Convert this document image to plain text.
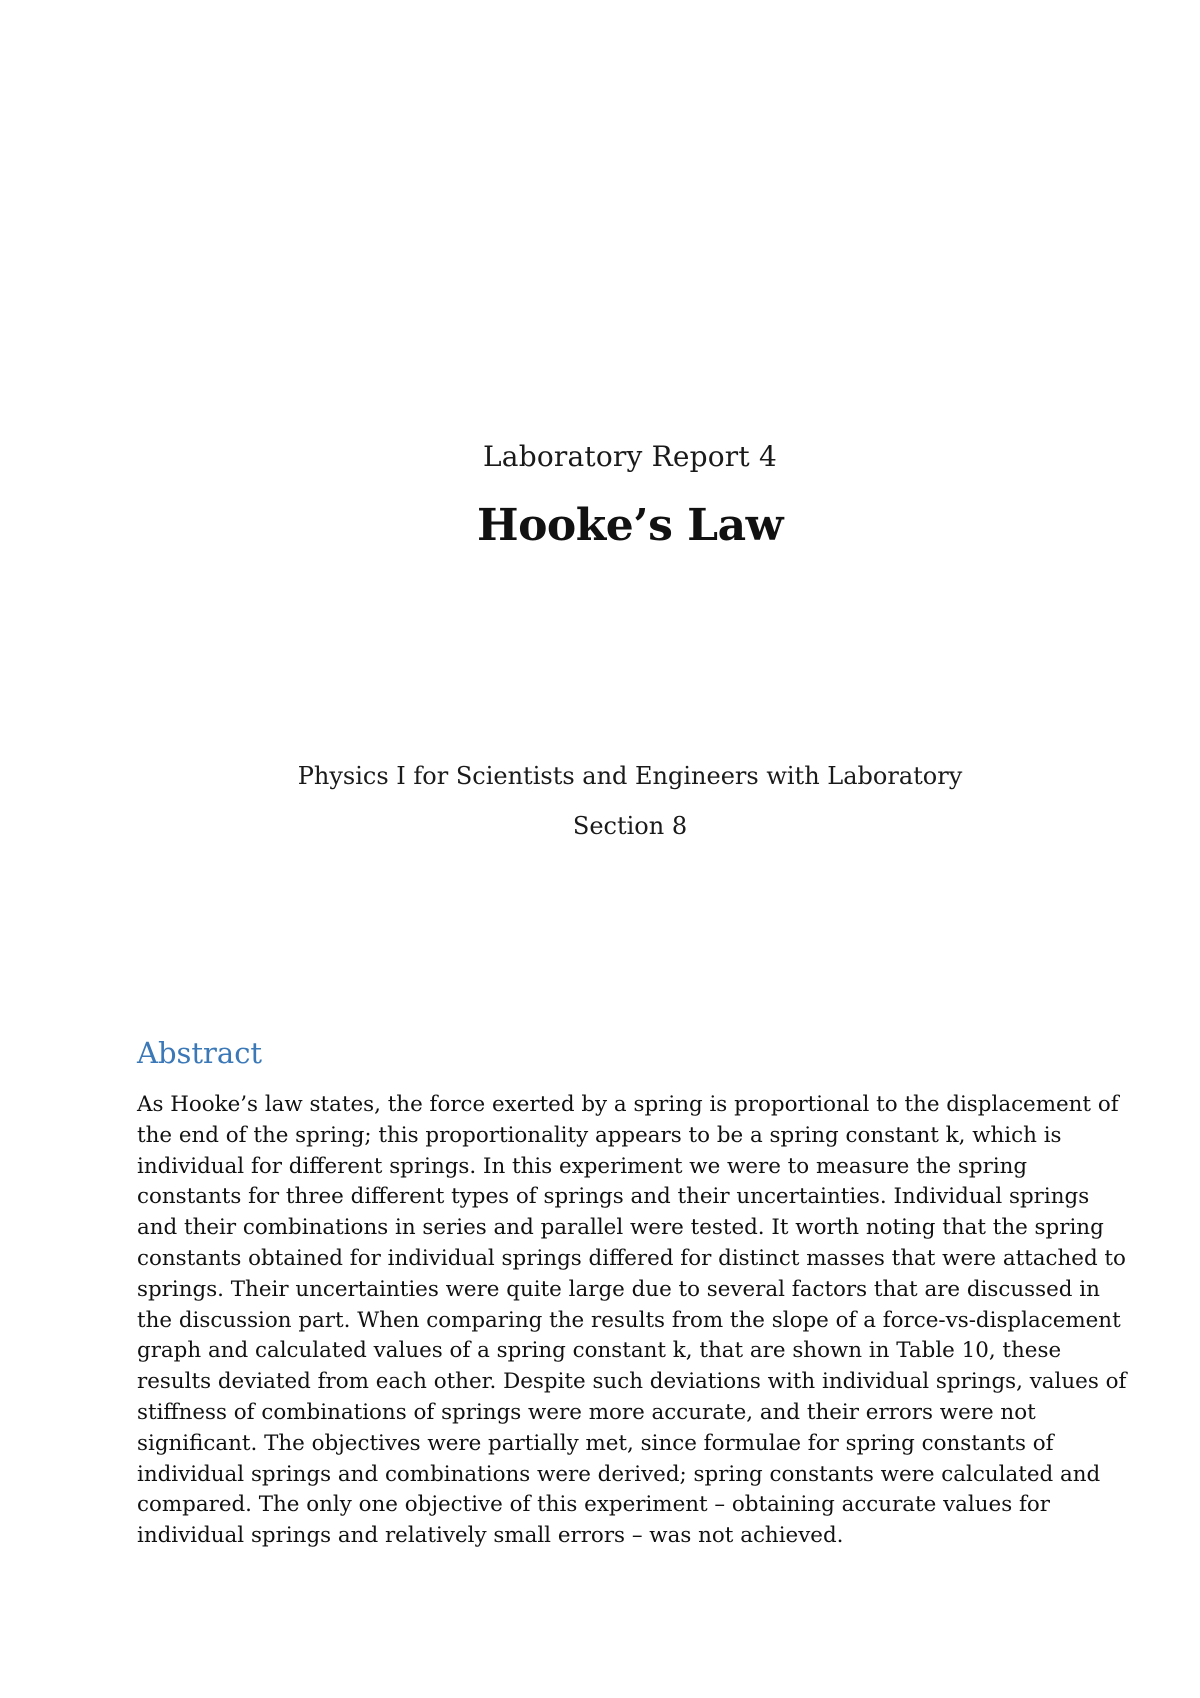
Laboratory Report 4
Hooke’s Law
Physics I for Scientists and Engineers with Laboratory
Section 8
Abstract

As Hooke’s law states, the force exerted by a spring is proportional to the displacement of the end of the spring; this proportionality appears to be a spring constant k, which is individual for different springs. In this experiment we were to measure the spring constants for three different types of springs and their uncertainties. Individual springs and their combinations in series and parallel were tested. It worth noting that the spring constants obtained for individual springs differed for distinct masses that were attached to springs. Their uncertainties were quite large due to several factors that are discussed in the discussion part. When comparing the results from the slope of a force-vs-displacement graph and calculated values of a spring constant k, that are shown in Table 10, these results deviated from each other. Despite such deviations with individual springs, values of stiffness of combinations of springs were more accurate, and their errors were not significant. The objectives were partially met, since formulae for spring constants of individual springs and combinations were derived; spring constants were calculated and compared. The only one objective of this experiment – obtaining accurate values for individual springs and relatively small errors – was not achieved.
